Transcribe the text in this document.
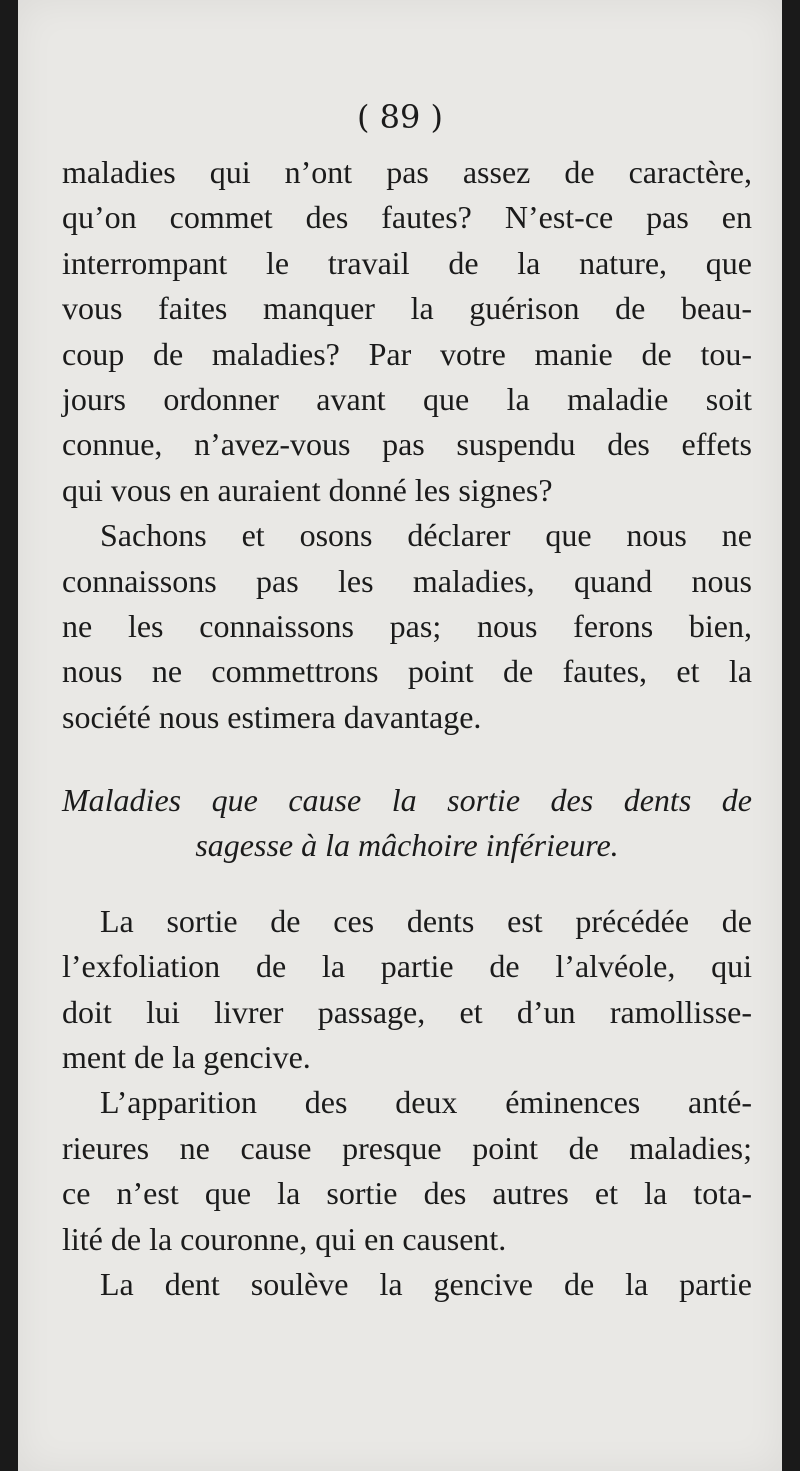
( 89 )
maladies qui n’ont pas assez de caractère,
qu’on commet des fautes? N’est-ce pas en
interrompant le travail de la nature, que
vous faites manquer la guérison de beau-
coup de maladies? Par votre manie de tou-
jours ordonner avant que la maladie soit
connue, n’avez-vous pas suspendu des effets
qui vous en auraient donné les signes?
Sachons et osons déclarer que nous ne
connaissons pas les maladies, quand nous
ne les connaissons pas; nous ferons bien,
nous ne commettrons point de fautes, et la
société nous estimera davantage.
Maladies que cause la sortie des dents de
sagesse à la mâchoire inférieure.
La sortie de ces dents est précédée de
l’exfoliation de la partie de l’alvéole, qui
doit lui livrer passage, et d’un ramollisse-
ment de la gencive.
L’apparition des deux éminences anté-
rieures ne cause presque point de maladies;
ce n’est que la sortie des autres et la tota-
lité de la couronne, qui en causent.
La dent soulève la gencive de la partie
